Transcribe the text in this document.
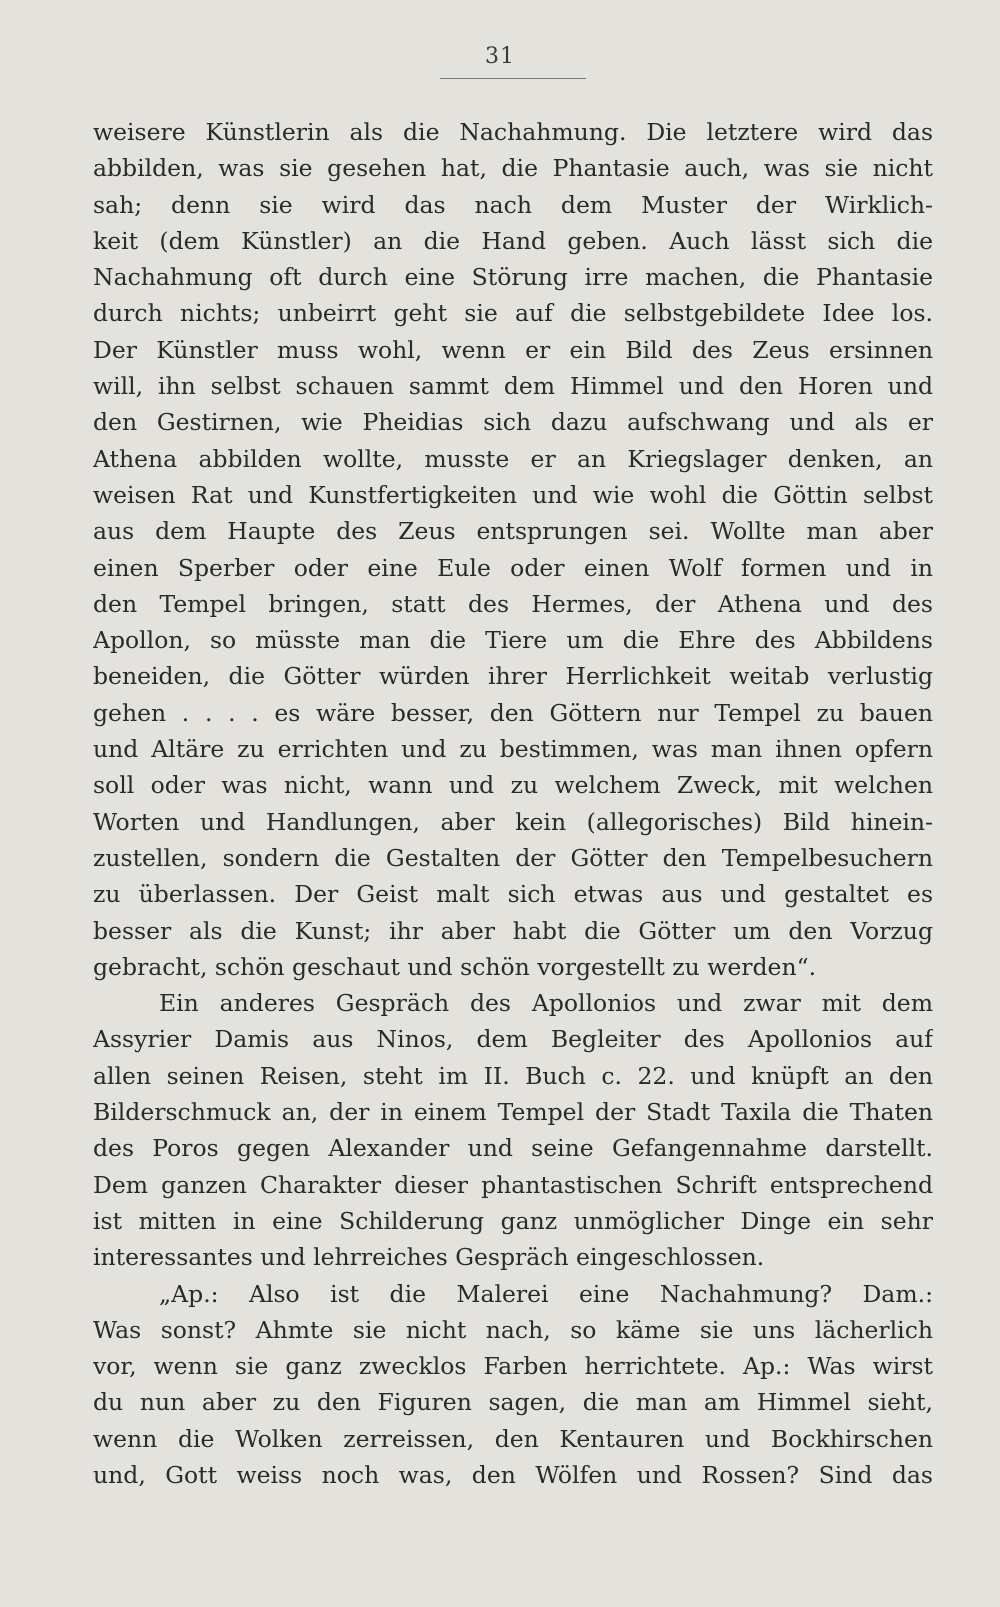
31
weisere Künstlerin als die Nachahmung. Die letztere wird das
abbilden, was sie gesehen hat, die Phantasie auch, was sie nicht
sah; denn sie wird das nach dem Muster der Wirklich-
keit (dem Künstler) an die Hand geben. Auch lässt sich die
Nachahmung oft durch eine Störung irre machen, die Phantasie
durch nichts; unbeirrt geht sie auf die selbstgebildete Idee los.
Der Künstler muss wohl, wenn er ein Bild des Zeus ersinnen
will, ihn selbst schauen sammt dem Himmel und den Horen und
den Gestirnen, wie Pheidias sich dazu aufschwang und als er
Athena abbilden wollte, musste er an Kriegslager denken, an
weisen Rat und Kunstfertigkeiten und wie wohl die Göttin selbst
aus dem Haupte des Zeus entsprungen sei. Wollte man aber
einen Sperber oder eine Eule oder einen Wolf formen und in
den Tempel bringen, statt des Hermes, der Athena und des
Apollon, so müsste man die Tiere um die Ehre des Abbildens
beneiden, die Götter würden ihrer Herrlichkeit weitab verlustig
gehen . . . . es wäre besser, den Göttern nur Tempel zu bauen
und Altäre zu errichten und zu bestimmen, was man ihnen opfern
soll oder was nicht, wann und zu welchem Zweck, mit welchen
Worten und Handlungen, aber kein (allegorisches) Bild hinein-
zustellen, sondern die Gestalten der Götter den Tempelbesuchern
zu überlassen. Der Geist malt sich etwas aus und gestaltet es
besser als die Kunst; ihr aber habt die Götter um den Vorzug
gebracht, schön geschaut und schön vorgestellt zu werden“.
Ein anderes Gespräch des Apollonios und zwar mit dem
Assyrier Damis aus Ninos, dem Begleiter des Apollonios auf
allen seinen Reisen, steht im II. Buch c. 22. und knüpft an den
Bilderschmuck an, der in einem Tempel der Stadt Taxila die Thaten
des Poros gegen Alexander und seine Gefangennahme darstellt.
Dem ganzen Charakter dieser phantastischen Schrift entsprechend
ist mitten in eine Schilderung ganz unmöglicher Dinge ein sehr
interessantes und lehrreiches Gespräch eingeschlossen.
„Ap.: Also ist die Malerei eine Nachahmung? Dam.:
Was sonst? Ahmte sie nicht nach, so käme sie uns lächerlich
vor, wenn sie ganz zwecklos Farben herrichtete. Ap.: Was wirst
du nun aber zu den Figuren sagen, die man am Himmel sieht,
wenn die Wolken zerreissen, den Kentauren und Bockhirschen
und, Gott weiss noch was, den Wölfen und Rossen? Sind das
